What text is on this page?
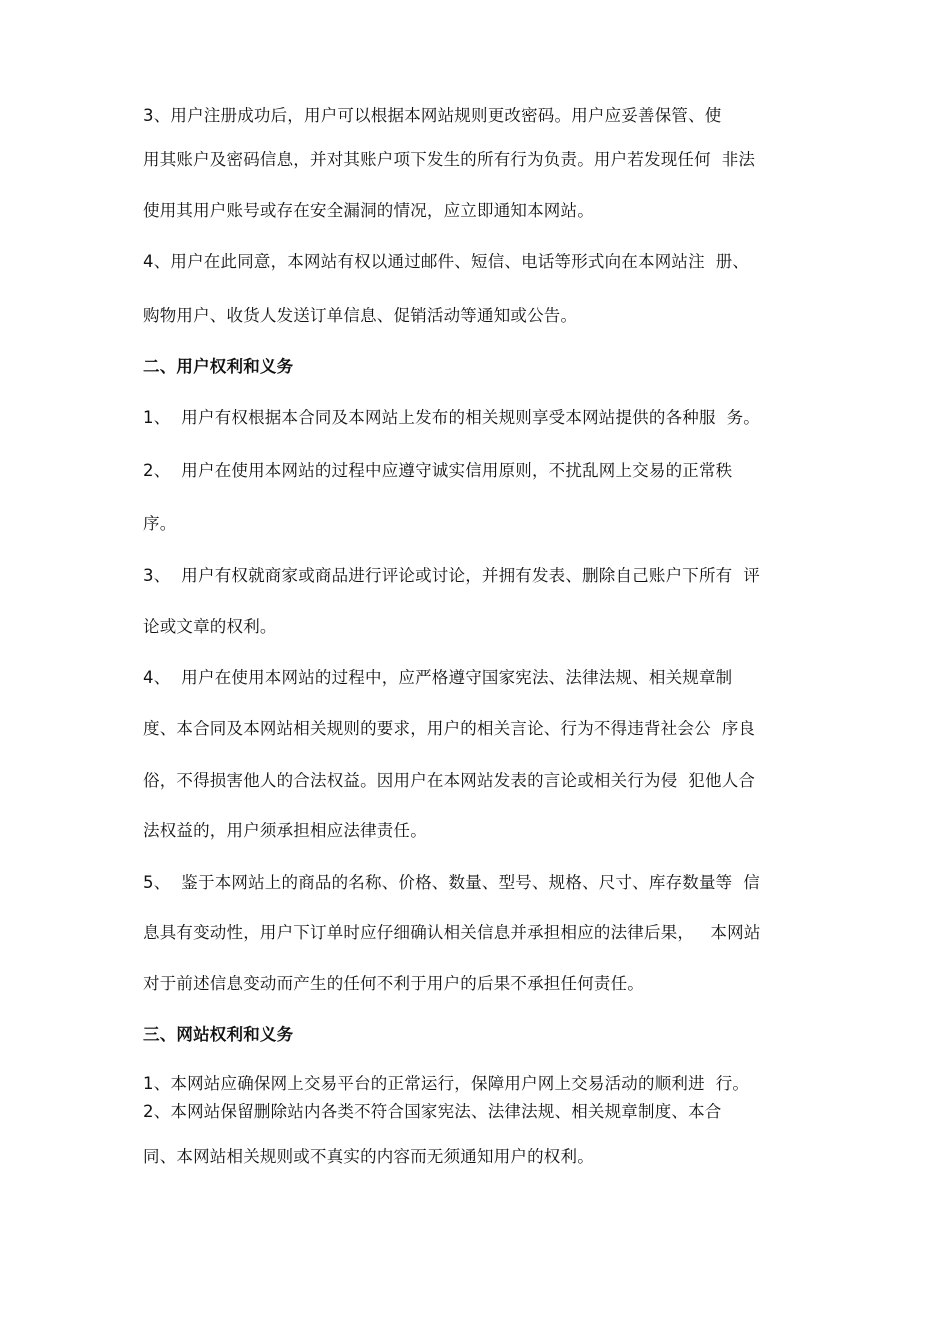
3、用户注册成功后，用户可以根据本网站规则更改密码。用户应妥善保管、使

用其账户及密码信息，并对其账户项下发生的所有行为负责。用户若发现任何  非法

使用其用户账号或存在安全漏洞的情况，应立即通知本网站。

4、用户在此同意，本网站有权以通过邮件、短信、电话等形式向在本网站注  册、

购物用户、收货人发送订单信息、促销活动等通知或公告。

二、用户权利和义务

1、  用户有权根据本合同及本网站上发布的相关规则享受本网站提供的各种服  务。

2、  用户在使用本网站的过程中应遵守诚实信用原则，不扰乱网上交易的正常秩

序。

3、  用户有权就商家或商品进行评论或讨论，并拥有发表、删除自己账户下所有  评

论或文章的权利。

4、  用户在使用本网站的过程中，应严格遵守国家宪法、法律法规、相关规章制

度、本合同及本网站相关规则的要求，用户的相关言论、行为不得违背社会公  序良

俗，不得损害他人的合法权益。因用户在本网站发表的言论或相关行为侵  犯他人合

法权益的，用户须承担相应法律责任。

5、  鉴于本网站上的商品的名称、价格、数量、型号、规格、尺寸、库存数量等  信

息具有变动性，用户下订单时应仔细确认相关信息并承担相应的法律后果，   本网站

对于前述信息变动而产生的任何不利于用户的后果不承担任何责任。

三、网站权利和义务

1、本网站应确保网上交易平台的正常运行，保障用户网上交易活动的顺利进  行。

2、本网站保留删除站内各类不符合国家宪法、法律法规、相关规章制度、本合

同、本网站相关规则或不真实的内容而无须通知用户的权利。
